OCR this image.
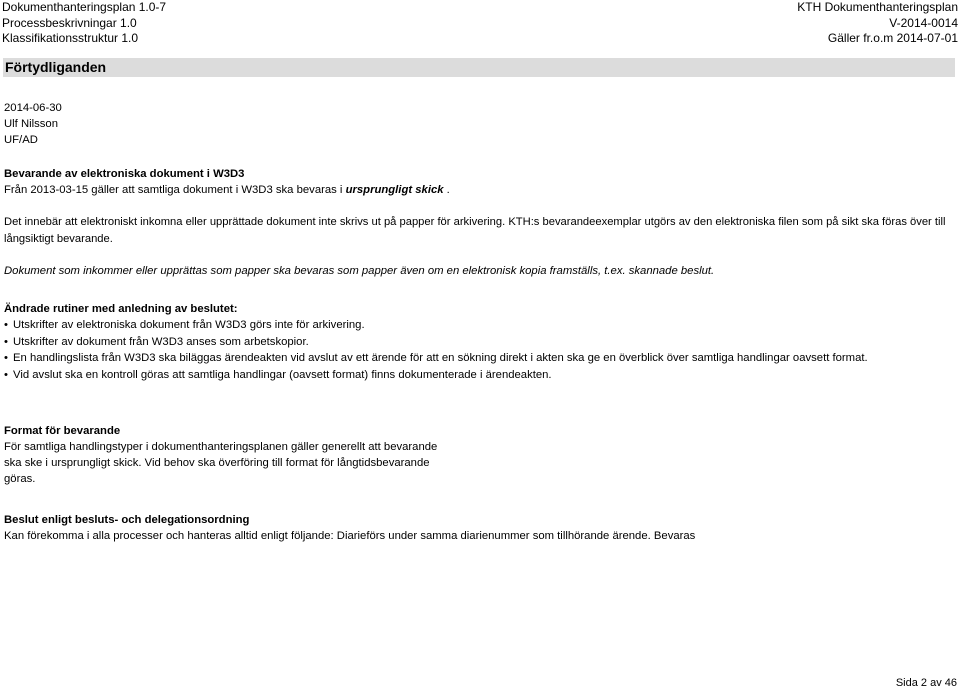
Dokumenthanteringsplan 1.0-7
Processbeskrivningar 1.0
Klassifikationsstruktur 1.0
KTH Dokumenthanteringsplan
V-2014-0014
Gäller fr.o.m 2014-07-01
Förtydliganden
2014-06-30
Ulf Nilsson
UF/AD
Bevarande av elektroniska dokument i W3D3
Från 2013-03-15 gäller att samtliga dokument i W3D3 ska bevaras i ursprungligt skick .
Det innebär att elektroniskt inkomna eller upprättade dokument inte skrivs ut på papper för arkivering. KTH:s bevarandeexemplar utgörs av den elektroniska filen som på sikt ska föras över till långsiktigt bevarande.
Dokument som inkommer eller upprättas som papper ska bevaras som papper även om en elektronisk kopia framställs, t.ex. skannade beslut.
Ändrade rutiner med anledning av beslutet:
• Utskrifter av elektroniska dokument från W3D3 görs inte för arkivering.
• Utskrifter av dokument från W3D3 anses som arbetskopior.
• En handlingslista från W3D3 ska biläggas ärendeakten vid avslut av ett ärende för att en sökning direkt i akten ska ge en överblick över samtliga handlingar oavsett format.
• Vid avslut ska en kontroll göras att samtliga handlingar (oavsett format) finns dokumenterade i ärendeakten.
Format för bevarande
För samtliga handlingstyper i dokumenthanteringsplanen gäller generellt att bevarande
ska ske i ursprungligt skick. Vid behov ska överföring till format för långtidsbevarande
göras.
Beslut enligt besluts- och delegationsordning
Kan förekomma i alla processer och hanteras alltid enligt följande: Diarieförs under samma diarienummer som tillhörande ärende. Bevaras
Sida 2 av 46
